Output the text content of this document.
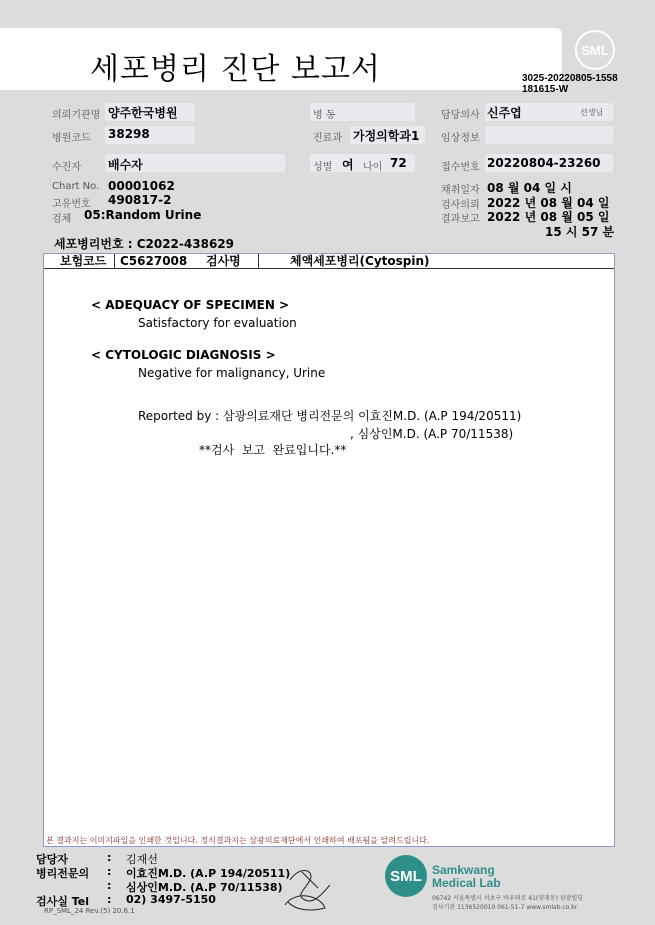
세포병리 진단 보고서
SML
3025-20220805-1558
181615-W
의뢰기관명 양주한국병원	병 동	담당의사 신주엽	선생님
병원코드 38298	진료과 가정의학과1 임상정보
수진자 배수자	성별 여 나이 72	접수번호 20220804-23260
Chart No. 00001062
고유번호 490817-2
검체 05:Random Urine
채취일자 08 월 04 일 시
검사의뢰 2022 년 08 월 04 일
결과보고 2022 년 08 월 05 일
15 시 57 분
세포병리번호 : C2022-438629
보험코드 C5627008 검사명	체액세포병리(Cytospin)
< ADEQUACY OF SPECIMEN >
Satisfactory for evaluation
< CYTOLOGIC DIAGNOSIS >
Negative for malignancy, Urine
Reported by : 삼광의료재단 병리전문의 이효진M.D. (A.P 194/20511)
, 심상인M.D. (A.P 70/11538)
**검사  보고  완료입니다.**
본 결과지는 이미지파일을 인쇄한 것입니다. 정식결과지는 삼광의료재단에서 인쇄하여 배포됨을 알려드립니다.
담당자	: 김재선
병리전문의 : 이효진M.D. (A.P 194/20511)
: 심상인M.D. (A.P 70/11538)
검사실 Tel : 02) 3497-5150
RP_SML_24 Rev.(5) 20.6.1
SML Samkwang
Medical Lab
06742 서울특별시 서초구 바우뫼로 41(양재동) 삼광빌딩
검사기관 1136520010 061-51-7 www.smlab.co.kr
